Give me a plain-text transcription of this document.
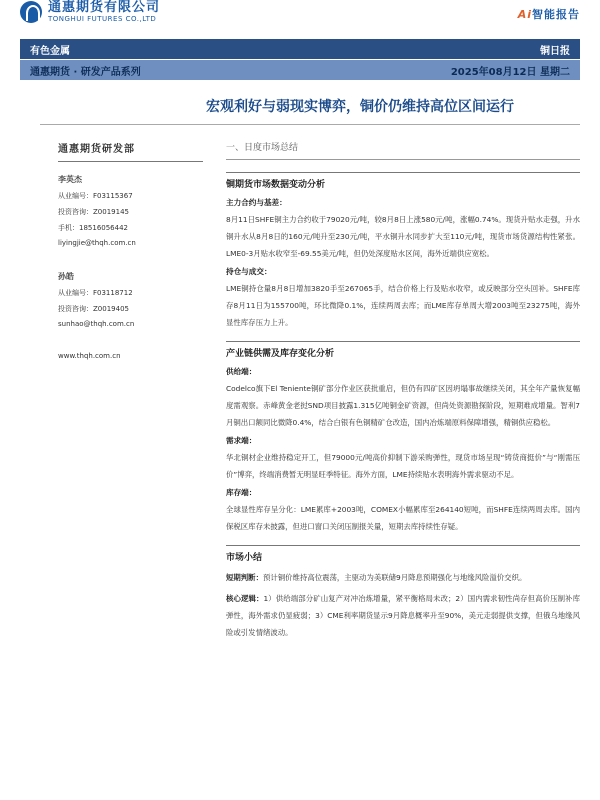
通惠期货有限公司
TONGHUI FUTURES CO.,LTD	Ai智能报告
有色金属	铜日报
通惠期货 · 研发产品系列	2025年08月12日 星期二
宏观利好与弱现实博弈，铜价仍维持高位区间运行
通惠期货研发部
李英杰
从业编号：F03115367
投资咨询：Z0019145
手机：18516056442
liyingjie@thqh.com.cn
孙皓
从业编号：F03118712
投资咨询：Z0019405
sunhao@thqh.com.cn
www.thqh.com.cn
一、日度市场总结
铜期货市场数据变动分析
主力合约与基差：
8月11日SHFE铜主力合约收于79020元/吨，较8月8日上涨580元/吨，涨幅0.74%。现货升贴水走强，升水铜升水从8月8日的160元/吨升至230元/吨，平水铜升水同步扩大至110元/吨，现货市场货源结构性紧张。LME0-3月贴水收窄至-69.55美元/吨，但仍处深度贴水区间，海外近端供应宽松。
持仓与成交：
LME铜持仓量8月8日增加3820手至267065手，结合价格上行及贴水收窄，或反映部分空头回补。SHFE库存8月11日为155700吨，环比微降0.1%，连续两周去库；而LME库存单周大增2003吨至23275吨，海外显性库存压力上升。
产业链供需及库存变化分析
供给端：
Codelco旗下El Teniente铜矿部分作业区获批重启，但仍有四矿区因坍塌事故继续关闭，其全年产量恢复幅度需观察。赤峰黄金老挝SND项目披露1.315亿吨铜金矿资源，但尚处资源勘探阶段，短期难成增量。智利7月铜出口额同比微降0.4%，结合白银有色铜精矿仓改造，国内冶炼端原料保障增强，精铜供应稳松。
需求端：
华北铜材企业维持稳定开工，但79000元/吨高价抑制下游采购弹性，现货市场呈现“铸货商挺价”与“刚需压价”博弈，终端消费暂无明显旺季特征。海外方面，LME持续贴水表明海外需求驱动不足。
库存端：
全球显性库存呈分化：LME累库+2003吨，COMEX小幅累库至264140短吨，而SHFE连续两周去库。国内保税区库存未披露，但进口窗口关闭压制报关量，短期去库持续性存疑。
市场小结
短期判断：预计铜价维持高位震荡，主驱动为美联储9月降息预期强化与地缘风险溢价交织。
核心逻辑：1）供给端部分矿山复产对冲冶炼增量，紧平衡格局未改；2）国内需求韧性尚存但高价压制补库弹性，海外需求仍显疲弱；3）CME利率期货显示9月降息概率升至90%，美元走弱提供支撑，但俄乌地缘风险或引发情绪波动。
